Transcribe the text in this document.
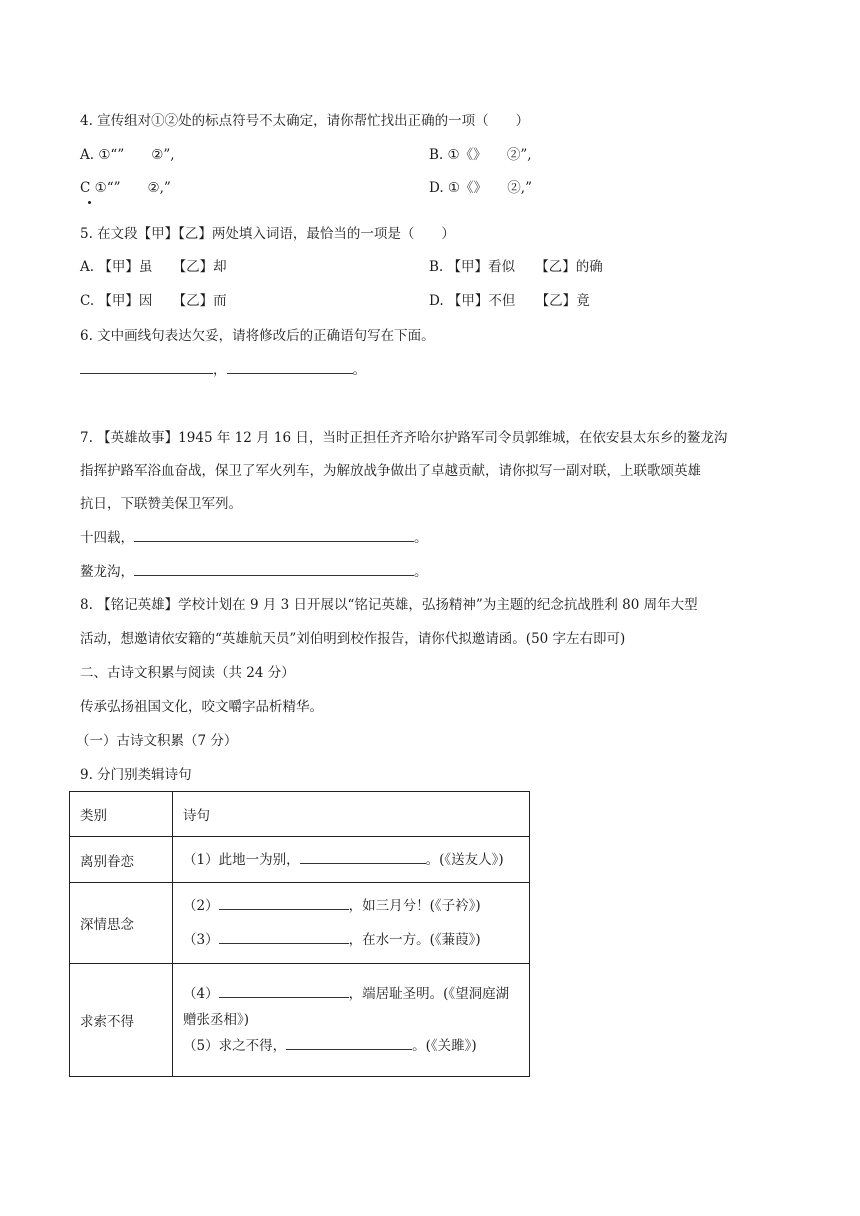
4. 宣传组对①②处的标点符号不太确定，请你帮忙找出正确的一项（　　）
A. ①“”　　②”,	B. ①《》　　②”,
C ①“”　　②,”	D. ①《》　　②,”
5. 在文段【甲】【乙】两处填入词语，最恰当的一项是（　　）
A. 【甲】虽　　【乙】却	B. 【甲】看似　　【乙】的确
C. 【甲】因　　【乙】而	D. 【甲】不但　　【乙】竟
6. 文中画线句表达欠妥，请将修改后的正确语句写在下面。
，	。
7. 【英雄故事】1945 年 12 月 16 日，当时正担任齐齐哈尔护路军司令员郭维城，在依安县太东乡的鳌龙沟
指挥护路军浴血奋战，保卫了军火列车，为解放战争做出了卓越贡献，请你拟写一副对联，上联歌颂英雄
抗日，下联赞美保卫军列。
十四载，	。
鳌龙沟，	。
8. 【铭记英雄】学校计划在 9 月 3 日开展以“铭记英雄，弘扬精神”为主题的纪念抗战胜利 80 周年大型
活动，想邀请依安籍的“英雄航天员”刘伯明到校作报告，请你代拟邀请函。(50 字左右即可)
二、古诗文积累与阅读（共 24 分）
传承弘扬祖国文化，咬文嚼字品析精华。
（一）古诗文积累（7 分）
9. 分门别类辑诗句
类别	诗句
离别眷恋	（1）此地一为别， 。(《送友人》)

深情思念	（2） ，如三月兮！(《子衿》)
（3） ，在水一方。(《蒹葭》)

求索不得	（4） ，端居耻圣明。(《望洞庭湖
赠张丞相》)
（5）求之不得， 。(《关雎》)
